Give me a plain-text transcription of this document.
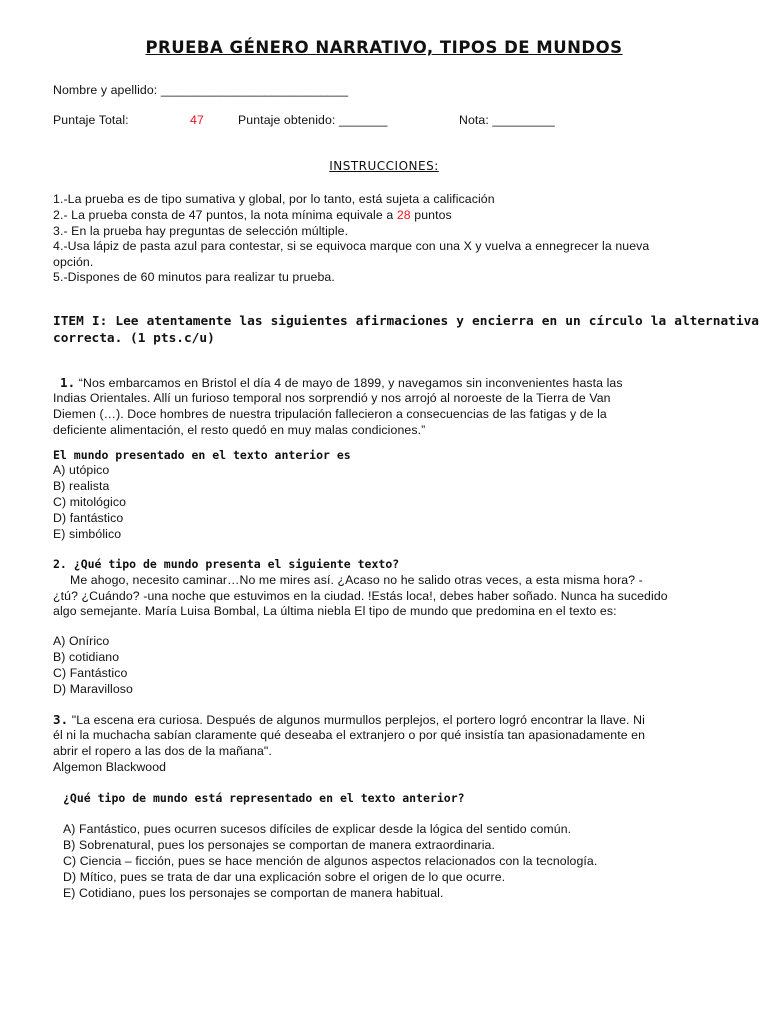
PRUEBA GÉNERO NARRATIVO, TIPOS DE MUNDOS
Nombre y apellido: ___________________________
Puntaje Total:	47	Puntaje obtenido: _______	Nota: _________
INSTRUCCIONES:
1.-La prueba es de tipo sumativa y global, por lo tanto, está sujeta a calificación
2.- La prueba consta de 47 puntos, la nota mínima equivale a 28 puntos
3.- En la prueba hay preguntas de selección múltiple.
4.-Usa lápiz de pasta azul para contestar, si se equivoca marque con una X y vuelva a ennegrecer la nueva
opción.
5.-Dispones de 60 minutos para realizar tu prueba.
ITEM I: Lee atentamente las siguientes afirmaciones y encierra en un círculo la alternativa correcta. (1 pts.c/u)
1. “Nos embarcamos en Bristol el día 4 de mayo de 1899, y navegamos sin inconvenientes hasta las
Indias Orientales. Allí un furioso temporal nos sorprendió y nos arrojó al noroeste de la Tierra de Van
Diemen (…). Doce hombres de nuestra tripulación fallecieron a consecuencias de las fatigas y de la
deficiente alimentación, el resto quedó en muy malas condiciones.”
El mundo presentado en el texto anterior es
A) utópico
B) realista
C) mitológico
D) fantástico
E) simbólico
2. ¿Qué tipo de mundo presenta el siguiente texto?
Me ahogo, necesito caminar…No me mires así. ¿Acaso no he salido otras veces, a esta misma hora? -
¿tú? ¿Cuándo? -una noche que estuvimos en la ciudad. !Estás loca!, debes haber soñado. Nunca ha sucedido
algo semejante. María Luisa Bombal, La última niebla El tipo de mundo que predomina en el texto es:
A) Onírico
B) cotidiano
C) Fantástico
D) Maravilloso
3. "La escena era curiosa. Después de algunos murmullos perplejos, el portero logró encontrar la llave. Ni
él ni la muchacha sabían claramente qué deseaba el extranjero o por qué insistía tan apasionadamente en
abrir el ropero a las dos de la mañana".
Algemon Blackwood
¿Qué tipo de mundo está representado en el texto anterior?
A) Fantástico, pues ocurren sucesos difíciles de explicar desde la lógica del sentido común.
B) Sobrenatural, pues los personajes se comportan de manera extraordinaria.
C) Ciencia – ficción, pues se hace mención de algunos aspectos relacionados con la tecnología.
D) Mítico, pues se trata de dar una explicación sobre el origen de lo que ocurre.
E) Cotidiano, pues los personajes se comportan de manera habitual.
